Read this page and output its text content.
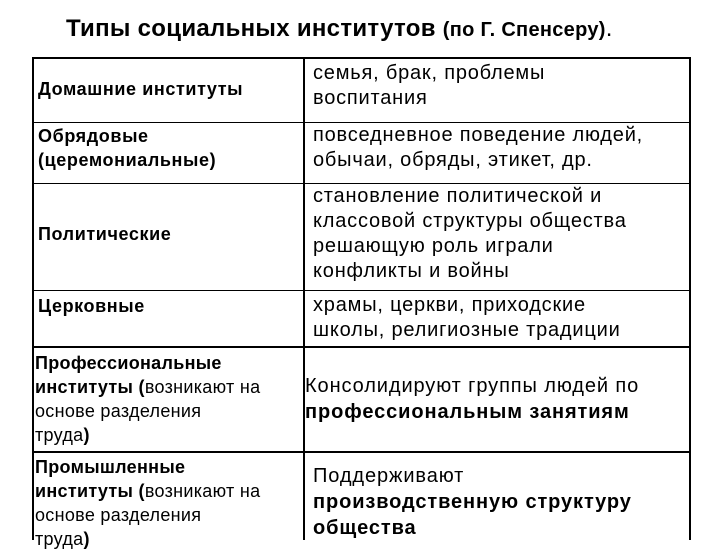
Типы социальных институтов (по Г. Спенсеру).
Домашние институты
семья, брак, проблемы
воспитания
Обрядовые
(церемониальные)
повседневное поведение людей,
обычаи, обряды, этикет, др.
Политические
становление политической и
классовой структуры общества
решающую роль играли
конфликты и войны
Церковные	храмы, церкви, приходские
школы, религиозные традиции
Профессиональные
институты (возникают на
основе разделения
труда)
Консолидируют группы людей по
профессиональным занятиям
Промышленные
институты (возникают на
основе разделения
труда)
Поддерживают
производственную структуру
общества
